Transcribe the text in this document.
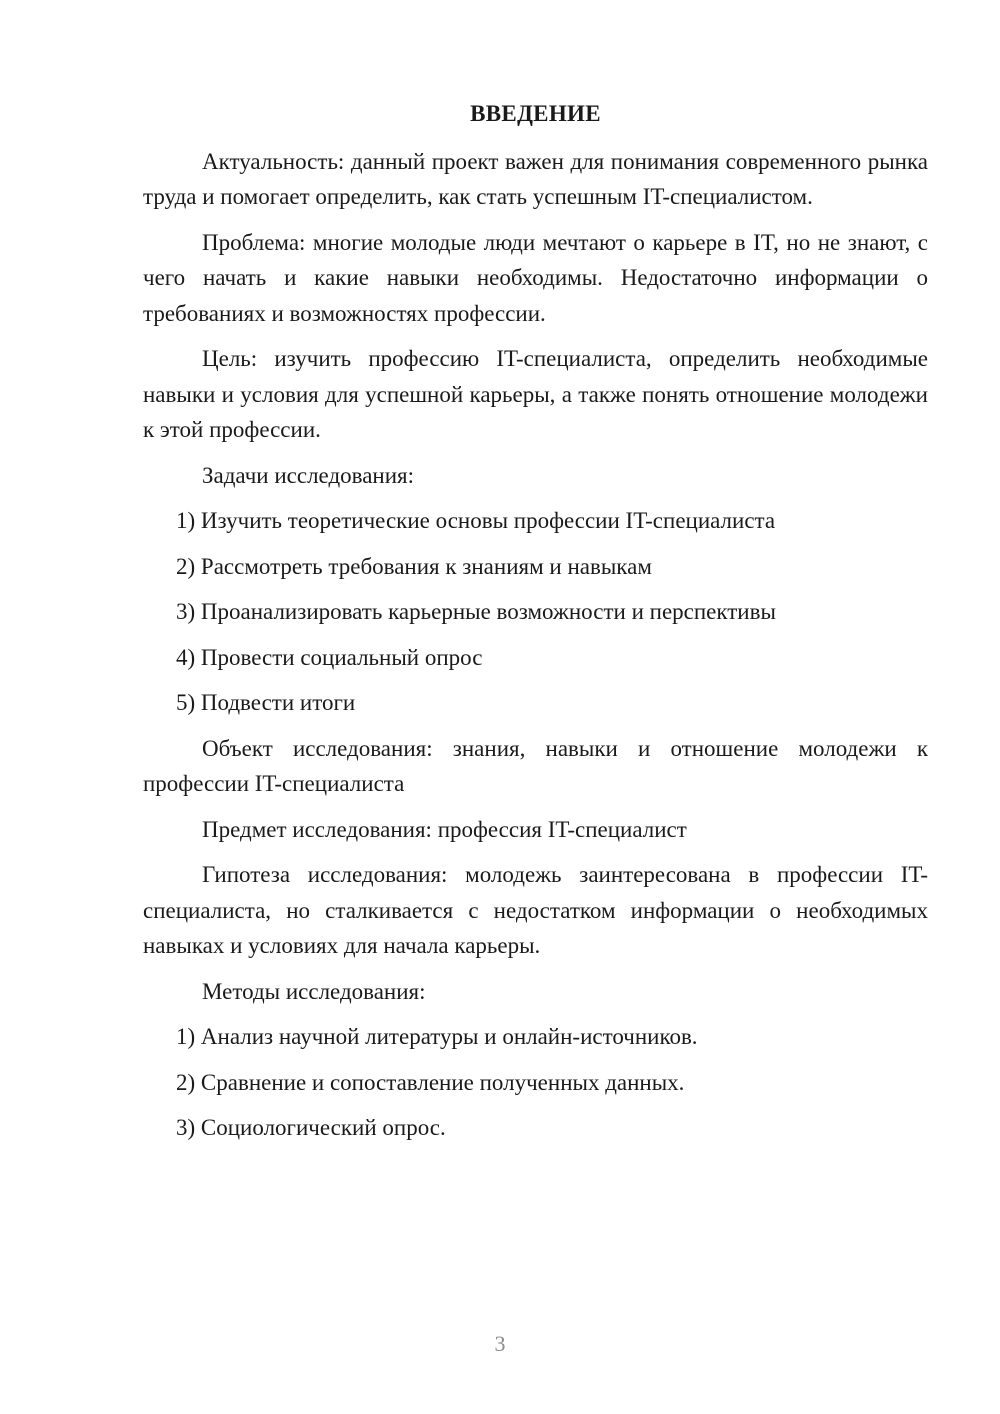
ВВЕДЕНИЕ

Актуальность: данный проект важен для понимания современного рынка труда и помогает определить, как стать успешным IT-специалистом.

Проблема: многие молодые люди мечтают о карьере в IT, но не знают, с чего начать и какие навыки необходимы. Недостаточно информации о требованиях и возможностях профессии.

Цель: изучить профессию IT-специалиста, определить необходимые навыки и условия для успешной карьеры, а также понять отношение молодежи к этой профессии.

Задачи исследования:

1) Изучить теоретические основы профессии IT-специалиста

2) Рассмотреть требования к знаниям и навыкам

3) Проанализировать карьерные возможности и перспективы

4) Провести социальный опрос

5) Подвести итоги

Объект исследования: знания, навыки и отношение молодежи к профессии IT-специалиста

Предмет исследования: профессия IT-специалист

Гипотеза исследования: молодежь заинтересована в профессии IT-специалиста, но сталкивается с недостатком информации о необходимых навыках и условиях для начала карьеры.

Методы исследования:

1) Анализ научной литературы и онлайн-источников.

2) Сравнение и сопоставление полученных данных.

3) Социологический опрос.

3
